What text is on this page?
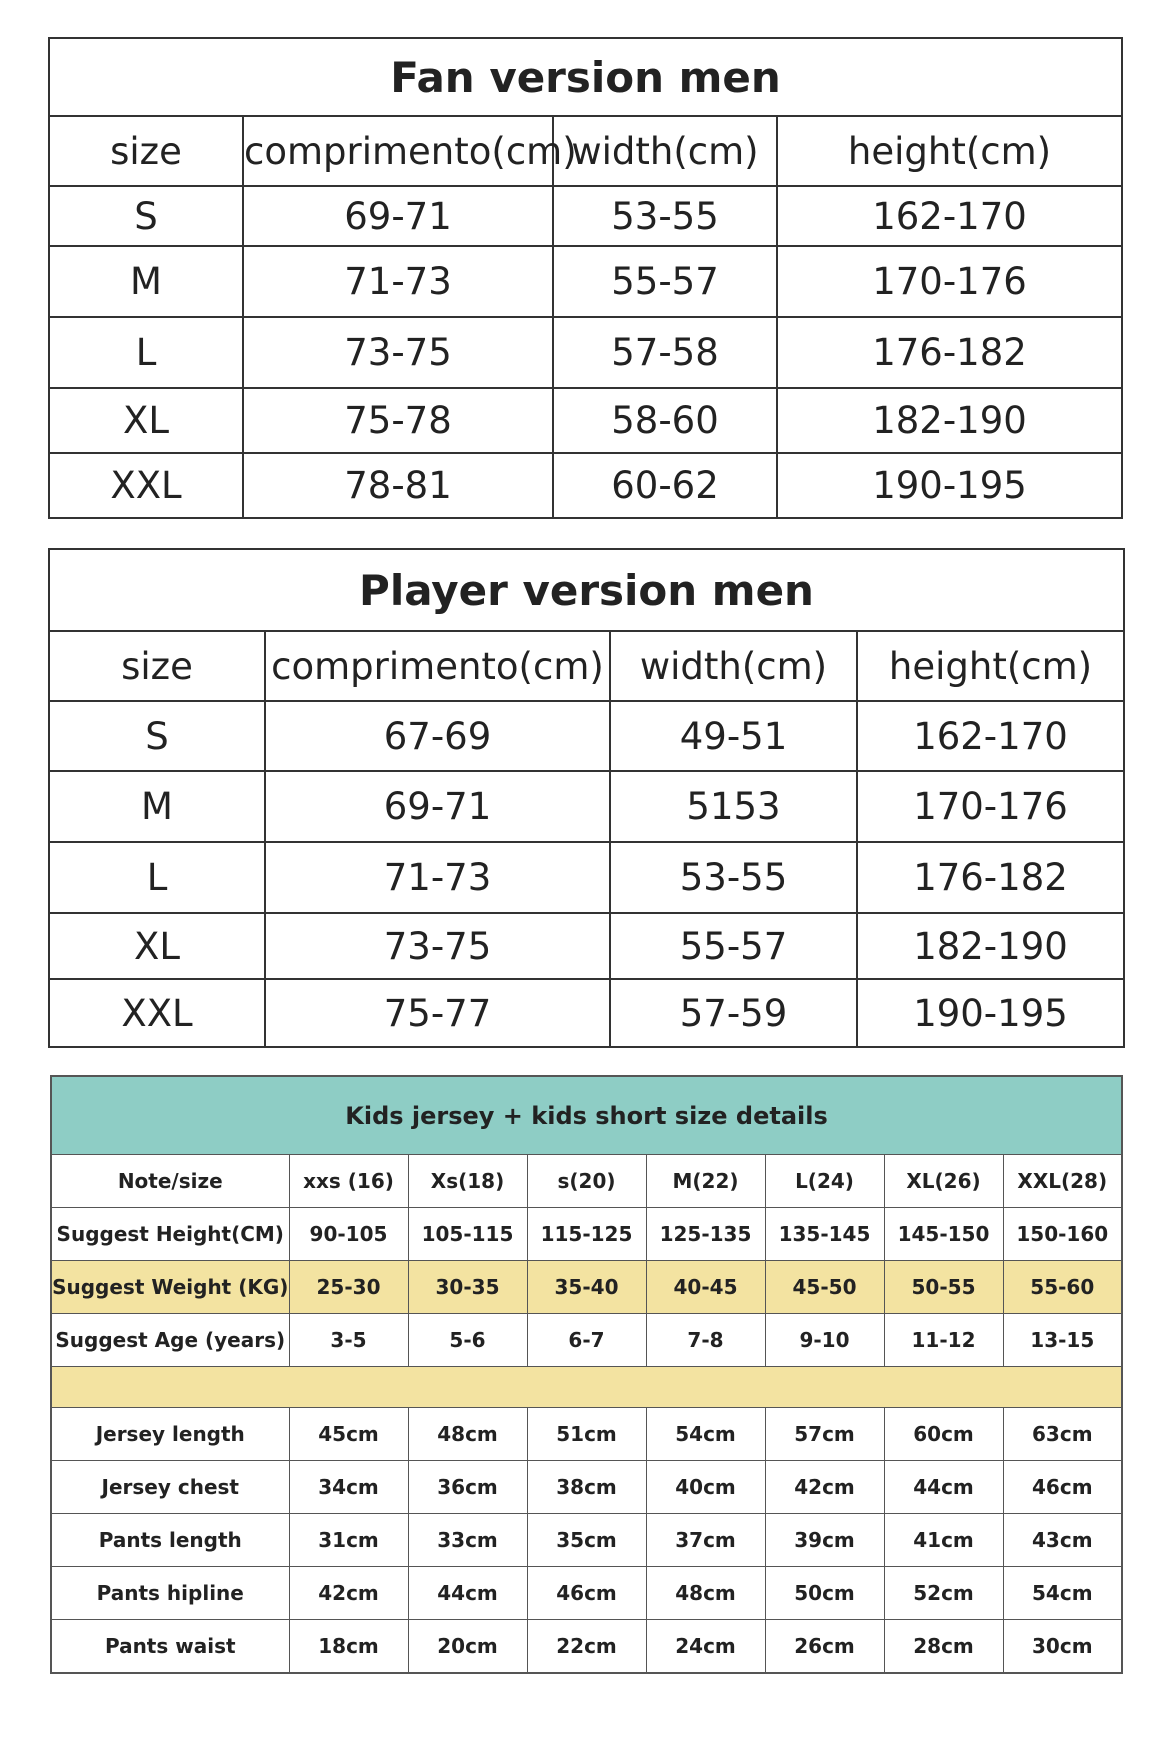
Fan version men			
size	comprimento(cm)	width(cm)	height(cm)
S	69-71	53-55	162-170
M	71-73	55-57	170-176
L	73-75	57-58	176-182
XL	75-78	58-60	182-190
XXL	78-81	60-62	190-195
Player version men			
size	comprimento(cm)	width(cm)	height(cm)
S	67-69	49-51	162-170
M	69-71	5153	170-176
L	71-73	53-55	176-182
XL	73-75	55-57	182-190
XXL	75-77	57-59	190-195
Kids jersey + kids short size details							
Note/size	xxs (16)	Xs(18)	s(20)	M(22)	L(24)	XL(26)	XXL(28)
Suggest Height(CM)	90-105	105-115	115-125	125-135	135-145	145-150	150-160
Suggest Weight (KG)	25-30	30-35	35-40	40-45	45-50	50-55	55-60
Suggest Age (years)	3-5	5-6	6-7	7-8	9-10	11-12	13-15

Jersey length	45cm	48cm	51cm	54cm	57cm	60cm	63cm
Jersey chest	34cm	36cm	38cm	40cm	42cm	44cm	46cm
Pants length	31cm	33cm	35cm	37cm	39cm	41cm	43cm
Pants hipline	42cm	44cm	46cm	48cm	50cm	52cm	54cm
Pants waist	18cm	20cm	22cm	24cm	26cm	28cm	30cm
